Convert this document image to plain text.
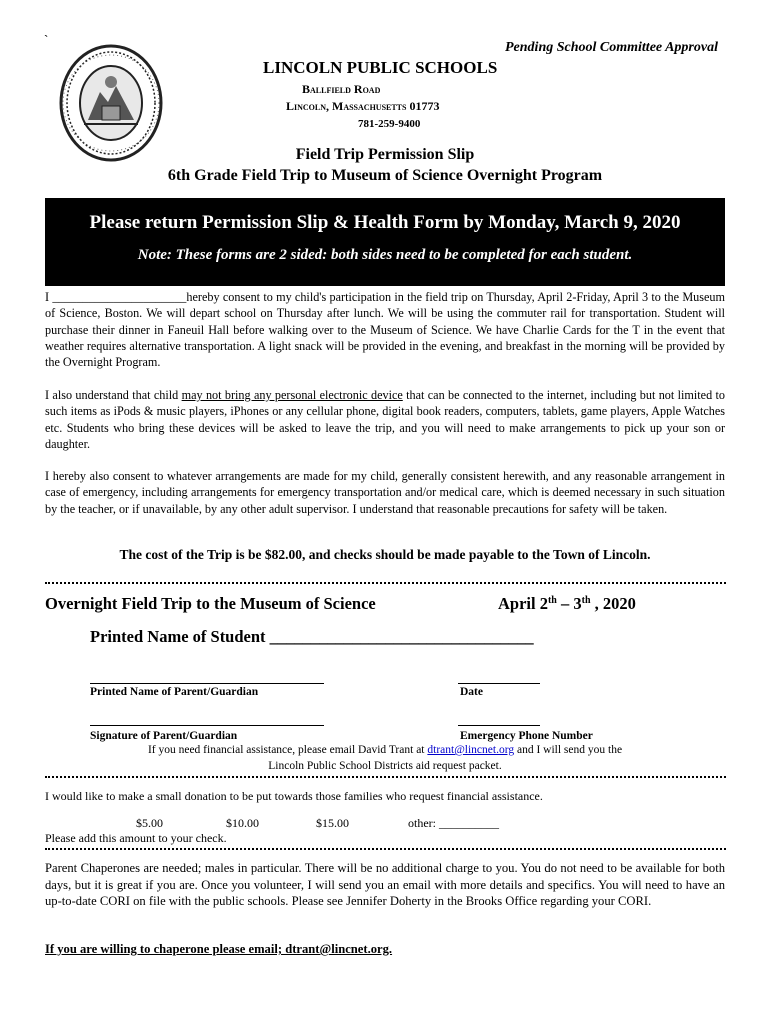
`
Pending School Committee Approval
LINCOLN PUBLIC SCHOOLS
Ballfield Road
Lincoln, Massachusetts 01773
781-259-9400
Field Trip Permission Slip
6th Grade Field Trip to Museum of Science Overnight Program
Please return Permission Slip & Health Form by Monday, March 9, 2020
Note: These forms are 2 sided: both sides need to be completed for each student.
I ______________________hereby consent to my child's participation in the field trip on Thursday, April 2-Friday, April 3 to the Museum of Science, Boston. We will depart school on Thursday after lunch. We will be using the commuter rail for transportation. Student will purchase their dinner in Faneuil Hall before walking over to the Museum of Science. We have Charlie Cards for the T in the event that weather requires alternative transportation. A light snack will be provided in the evening, and breakfast in the morning will be provided by the Overnight Program.
I also understand that child may not bring any personal electronic device that can be connected to the internet, including but not limited to such items as iPods & music players, iPhones or any cellular phone, digital book readers, computers, tablets, game players, Apple Watches etc. Students who bring these devices will be asked to leave the trip, and you will need to make arrangements to pick up your son or daughter.
I hereby also consent to whatever arrangements are made for my child, generally consistent herewith, and any reasonable arrangement in case of emergency, including arrangements for emergency transportation and/or medical care, which is deemed necessary in such situation by the teacher, or if unavailable, by any other adult supervisor. I understand that reasonable precautions for safety will be taken.
The cost of the Trip is be $82.00, and checks should be made payable to the Town of Lincoln.
Overnight Field Trip to the Museum of Science	April 2th – 3th , 2020
Printed Name of Student ________________________________
Printed Name of Parent/Guardian	Date
Signature of Parent/Guardian	Emergency Phone Number
If you need financial assistance, please email David Trant at dtrant@lincnet.org and I will send you the
Lincoln Public School Districts aid request packet.
I would like to make a small donation to be put towards those families who request financial assistance.
$5.00	$10.00	$15.00	other: __________
Please add this amount to your check.
Parent Chaperones are needed; males in particular. There will be no additional charge to you. You do not need to be available for both days, but it is great if you are. Once you volunteer, I will send you an email with more details and specifics. You will need to have an up-to-date CORI on file with the public schools. Please see Jennifer Doherty in the Brooks Office regarding your CORI.
If you are willing to chaperone please email; dtrant@lincnet.org.
